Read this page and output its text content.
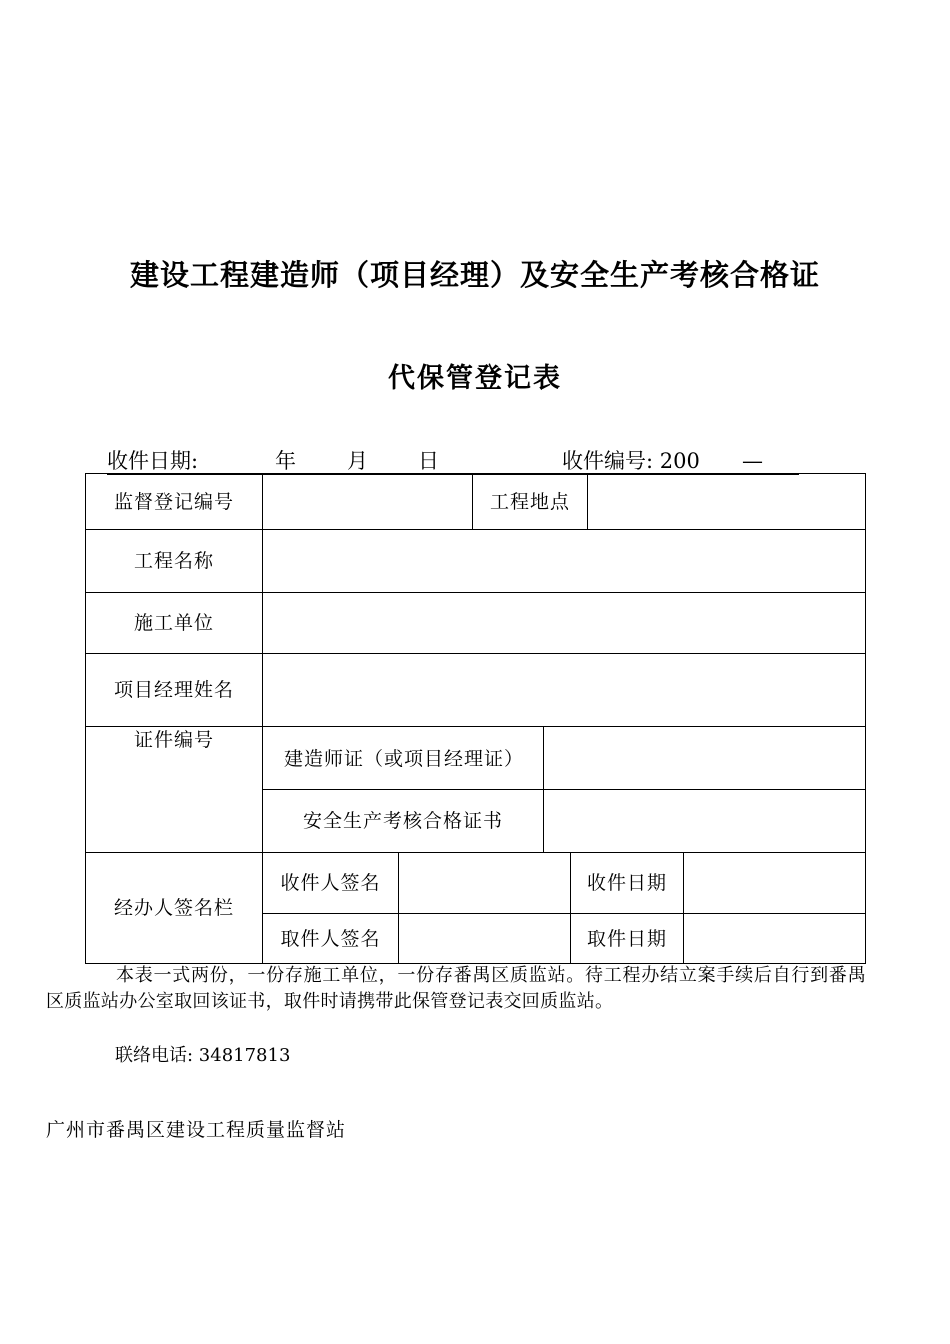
建设工程建造师（项目经理）及安全生产考核合格证
代保管登记表
收件日期:	年 月 日	收件编号: 200 —
监督登记编号	工程地点
工程名称
施工单位
项目经理姓名
证件编号
建造师证（或项目经理证）
安全生产考核合格证书
经办人签名栏
收件人签名	收件日期
取件人签名	取件日期
本表一式两份，一份存施工单位，一份存番禺区质监站。待工程办结立案手续后自行到番禺区质监站办公室取回该证书，取件时请携带此保管登记表交回质监站。
联络电话: 34817813
广州市番禺区建设工程质量监督站
